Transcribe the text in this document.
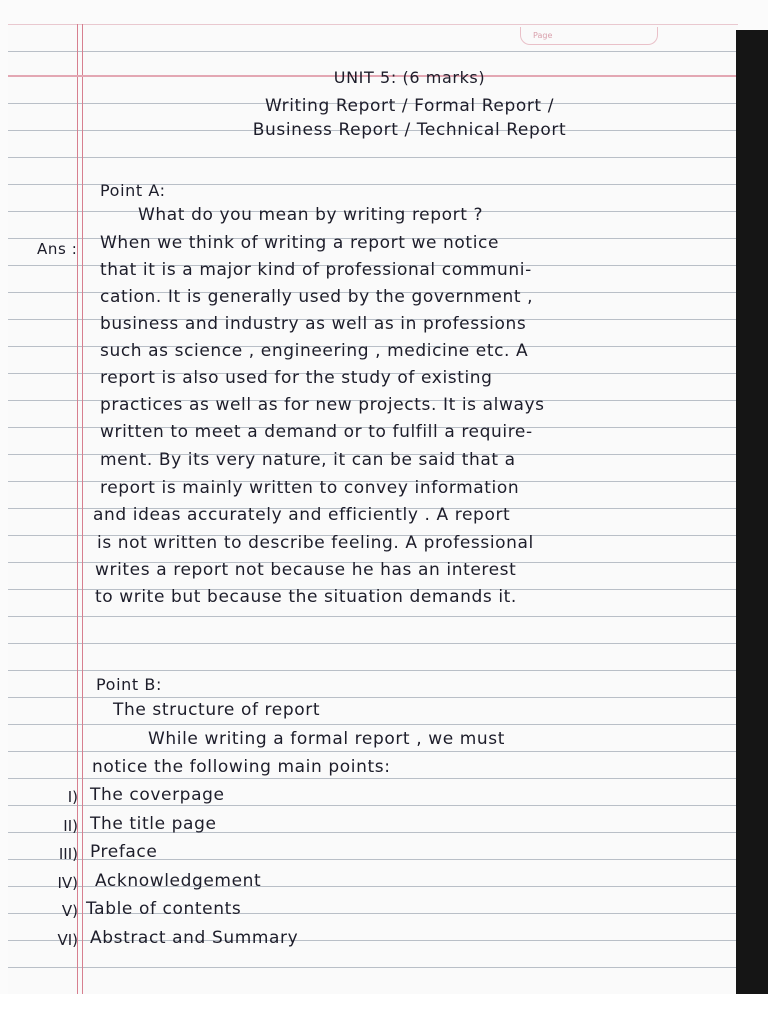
Page

UNIT 5: (6 marks)

Writing Report / Formal Report /

Business Report / Technical Report

Point A:

What do you mean by writing report ?

Ans : When we think of writing a report we notice

that it is a major kind of professional communi-

cation. It is generally used by the government ,

business and industry as well as in professions

such as science , engineering , medicine etc. A

report is also used for the study of existing

practices as well as for new projects. It is always

written to meet a demand or to fulfill a require-

ment. By its very nature, it can be said that a

report is mainly written to convey information

and ideas accurately and efficiently . A report

is not written to describe feeling. A professional

writes a report not because he has an interest

to write but because the situation demands it.

Point B:

The structure of report

While writing a formal report , we must

notice the following main points:

I) The coverpage

II) The title page

III) Preface

IV) Acknowledgement

V) Table of contents

VI) Abstract and Summary
